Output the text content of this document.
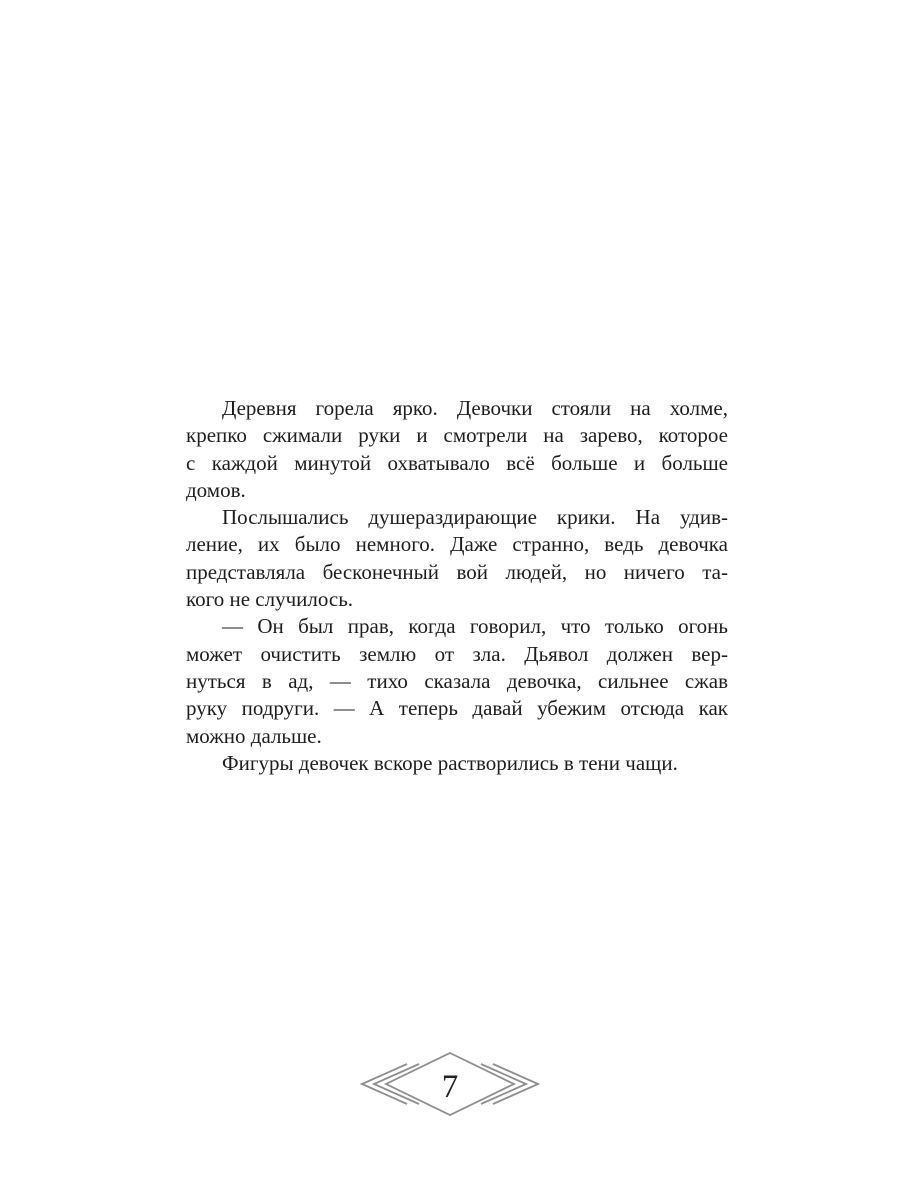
Деревня горела ярко. Девочки стояли на холме,
крепко сжимали руки и смотрели на зарево, которое
с каждой минутой охватывало всё больше и больше
домов.
Послышались душераздирающие крики. На удив-
ление, их было немного. Даже странно, ведь девочка
представляла бесконечный вой людей, но ничего та-
кого не случилось.
— Он был прав, когда говорил, что только огонь
может очистить землю от зла. Дьявол должен вер-
нуться в ад, — тихо сказала девочка, сильнее сжав
руку подруги. — А теперь давай убежим отсюда как
можно дальше.
Фигуры девочек вскоре растворились в тени чащи.
7
